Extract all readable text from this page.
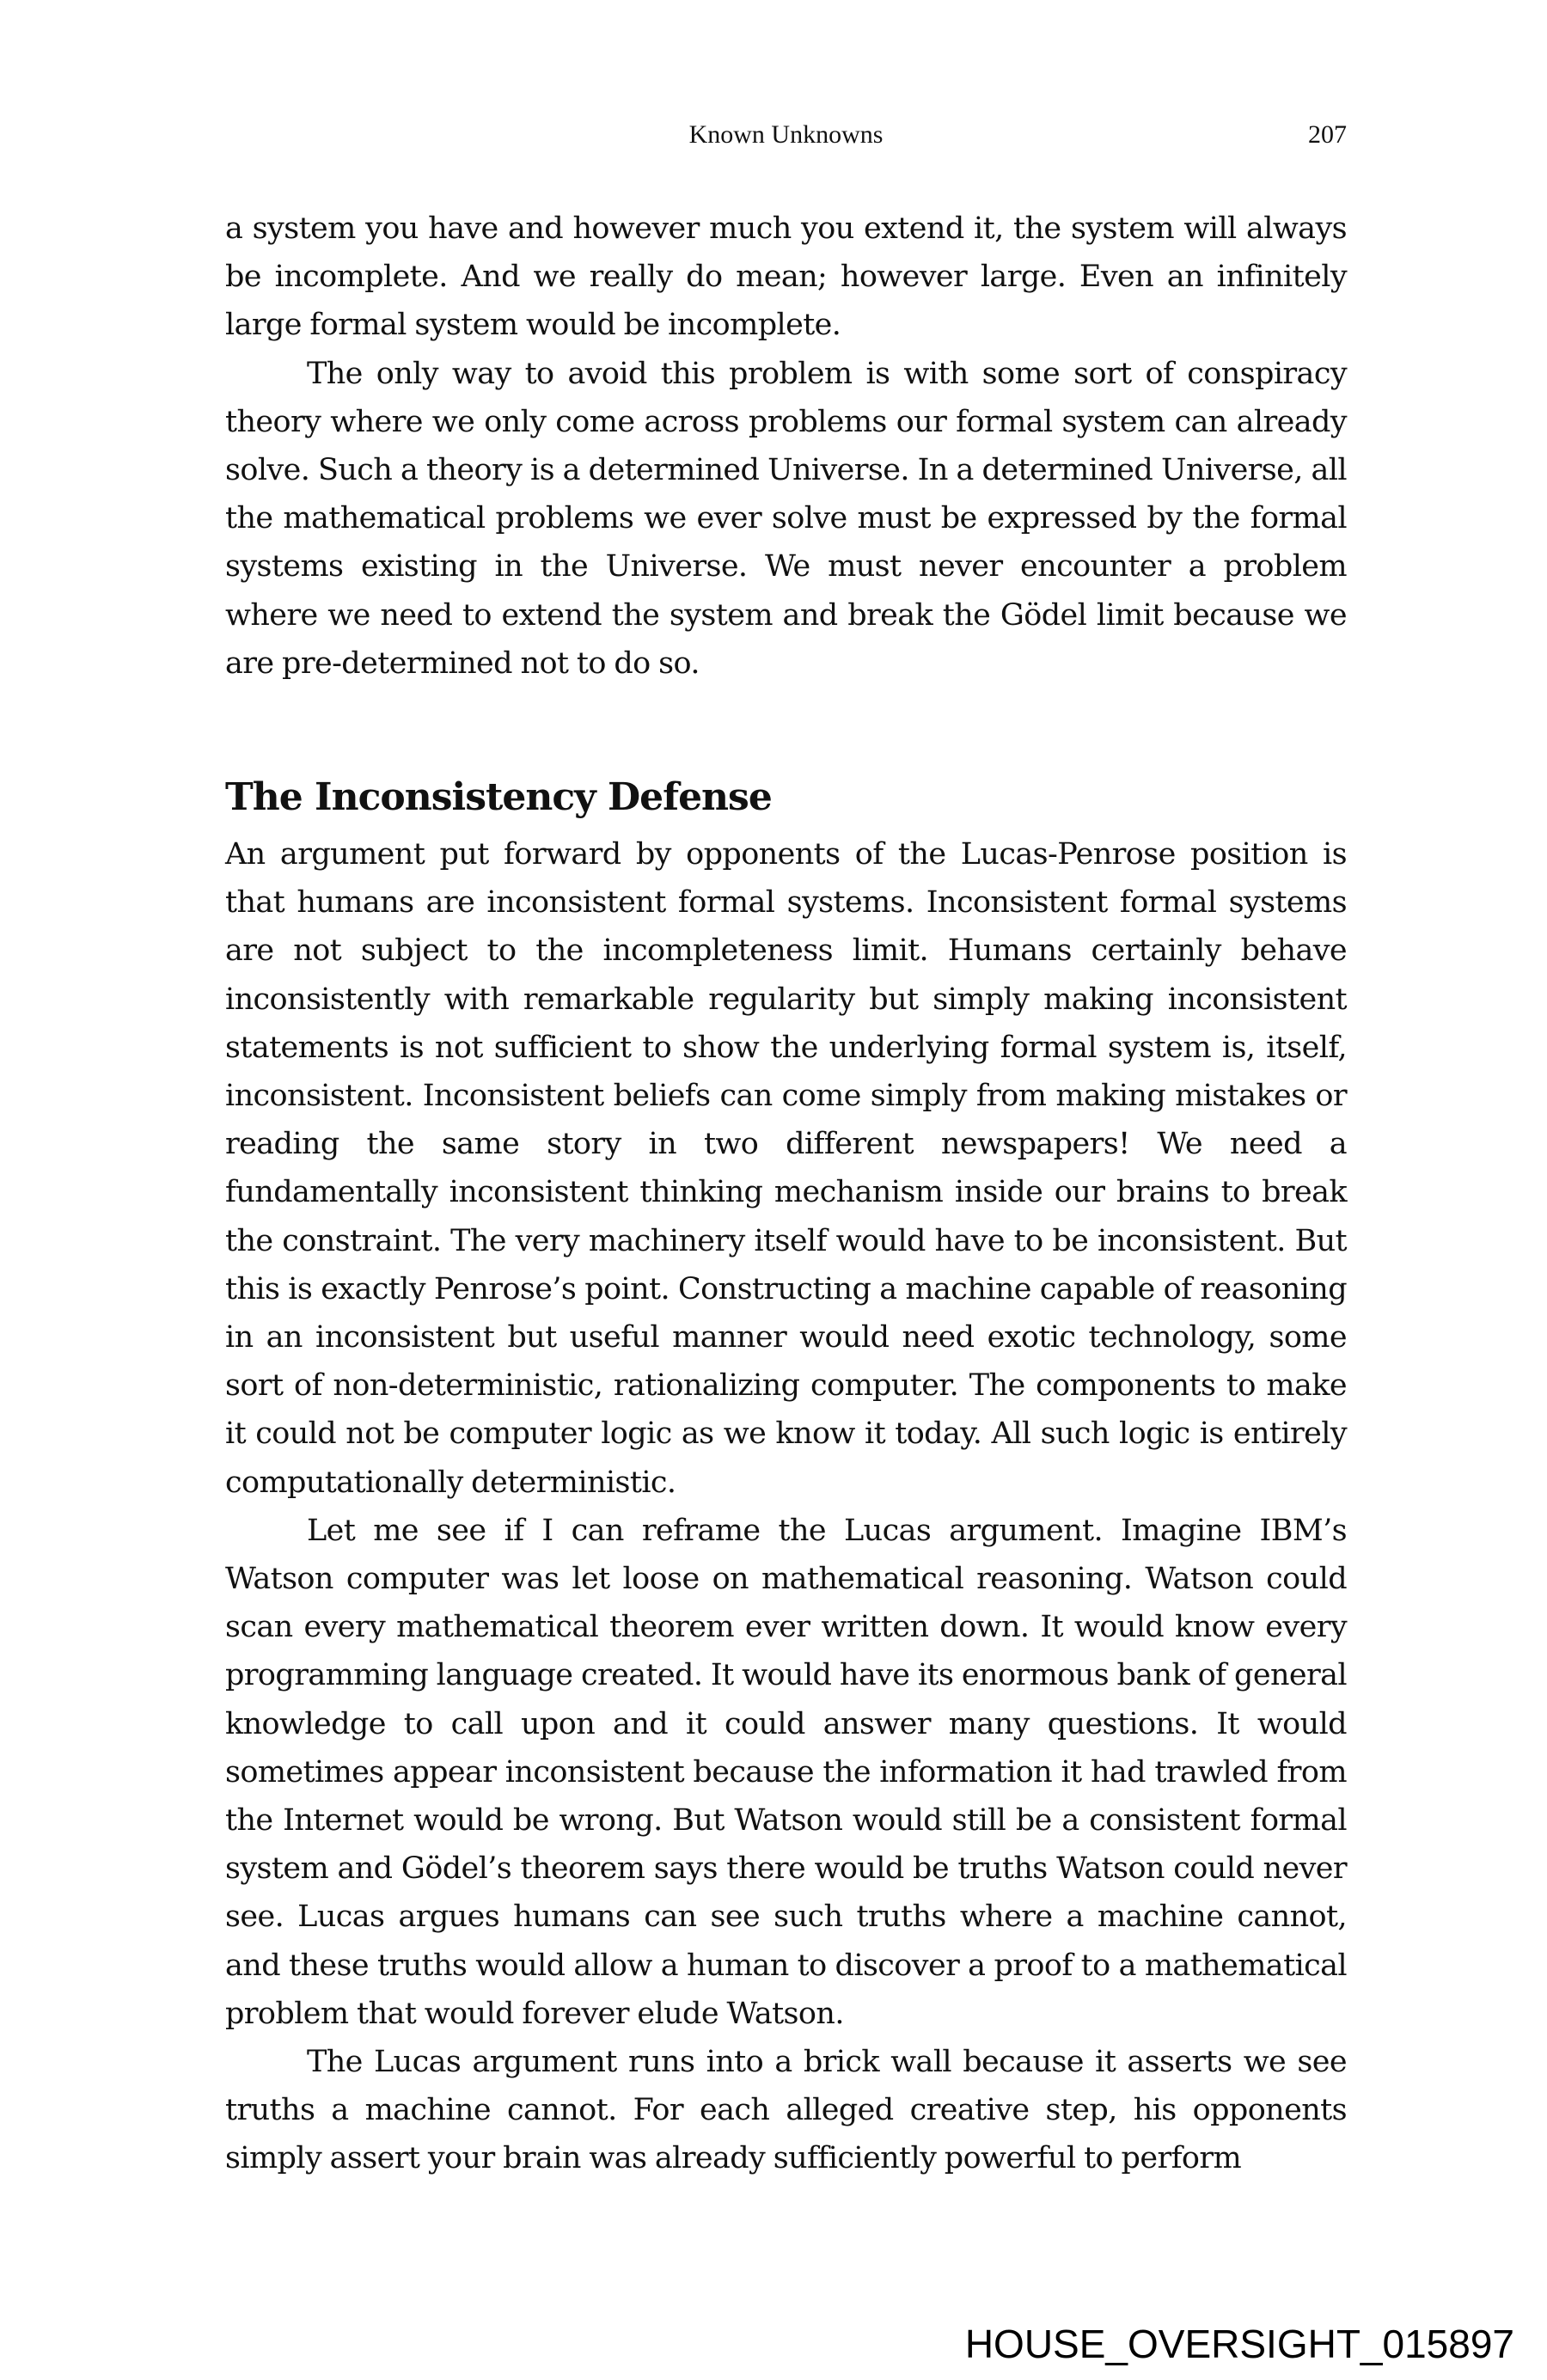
Known Unknowns	207

a system you have and however much you extend it, the system will always be incomplete. And we really do mean; however large. Even an infinitely large formal system would be incomplete.

The only way to avoid this problem is with some sort of conspiracy theory where we only come across problems our formal system can already solve. Such a theory is a determined Universe. In a determined Universe, all the mathematical problems we ever solve must be expressed by the formal systems existing in the Universe. We must never encounter a problem where we need to extend the system and break the Gödel limit because we are pre-determined not to do so.

The Inconsistency Defense

An argument put forward by opponents of the Lucas-Penrose position is that humans are inconsistent formal systems. Inconsistent formal systems are not subject to the incompleteness limit. Humans certainly behave inconsistently with remarkable regularity but simply making inconsistent statements is not sufficient to show the underlying formal system is, itself, inconsistent. Inconsistent beliefs can come simply from making mistakes or reading the same story in two different newspapers! We need a fundamentally inconsistent thinking mechanism inside our brains to break the constraint. The very machinery itself would have to be inconsistent. But this is exactly Penrose’s point. Constructing a machine capable of reasoning in an inconsistent but useful manner would need exotic technology, some sort of non-deterministic, rationalizing computer. The components to make it could not be computer logic as we know it today. All such logic is entirely computationally deterministic.

Let me see if I can reframe the Lucas argument. Imagine IBM’s Watson computer was let loose on mathematical reasoning. Watson could scan every mathematical theorem ever written down. It would know every programming language created. It would have its enormous bank of general knowledge to call upon and it could answer many questions. It would sometimes appear inconsistent because the information it had trawled from the Internet would be wrong. But Watson would still be a consistent formal system and Gödel’s theorem says there would be truths Watson could never see. Lucas argues humans can see such truths where a machine cannot, and these truths would allow a human to discover a proof to a mathematical problem that would forever elude Watson.

The Lucas argument runs into a brick wall because it asserts we see truths a machine cannot. For each alleged creative step, his opponents simply assert your brain was already sufficiently powerful to perform

HOUSE_OVERSIGHT_015897
